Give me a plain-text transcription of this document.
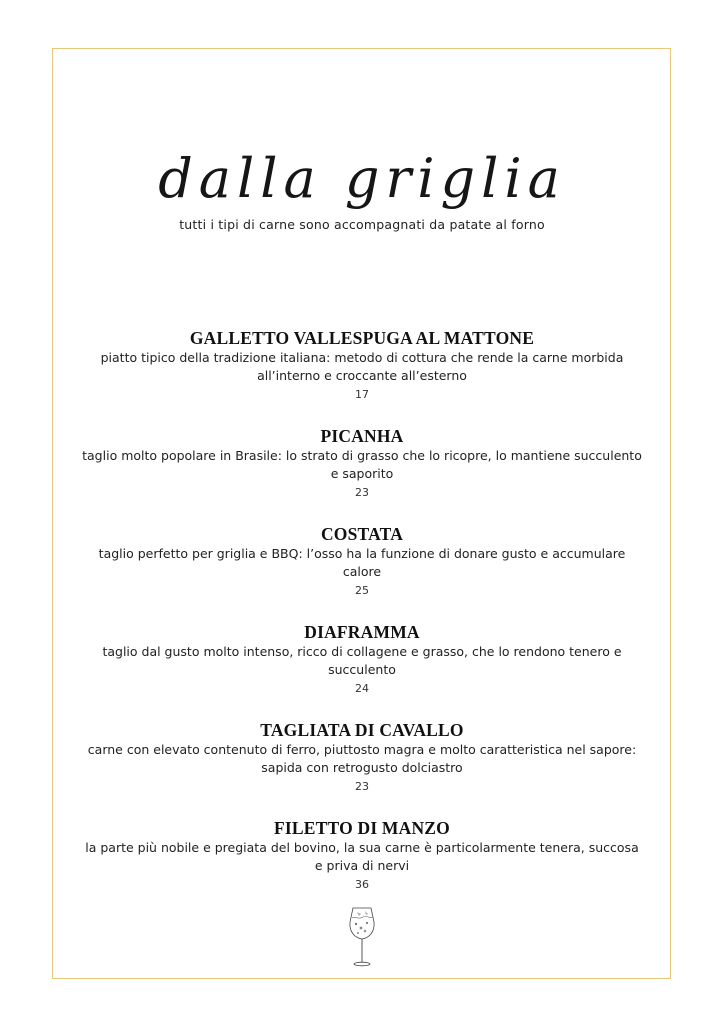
dalla griglia
tutti i tipi di carne sono accompagnati da patate al forno
GALLETTO VALLESPUGA AL MATTONE
piatto tipico della tradizione italiana: metodo di cottura che rende la carne morbida all’interno e croccante all’esterno
17
PICANHA
taglio molto popolare in Brasile: lo strato di grasso che lo ricopre, lo mantiene succulento e saporito
23
COSTATA
taglio perfetto per griglia e BBQ: l’osso ha la funzione di donare gusto e accumulare calore
25
DIAFRAMMA
taglio dal gusto molto intenso, ricco di collagene e grasso, che lo rendono tenero e succulento
24
TAGLIATA DI CAVALLO
carne con elevato contenuto di ferro, piuttosto magra e molto caratteristica nel sapore: sapida con retrogusto dolciastro
23
FILETTO DI MANZO
la parte più nobile e pregiata del bovino, la sua carne è particolarmente tenera, succosa e priva di nervi
36
